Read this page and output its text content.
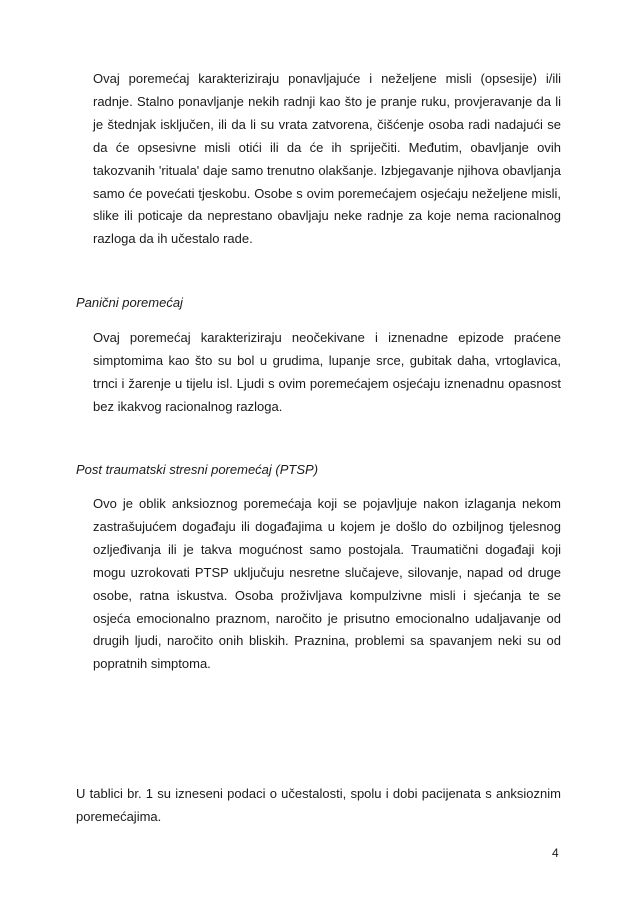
Ovaj poremećaj karakteriziraju ponavljajuće i neželjene misli (opsesije) i/ili radnje. Stalno ponavljanje nekih radnji kao što je pranje ruku, provjeravanje da li je štednjak isključen, ili da li su vrata zatvorena, čišćenje osoba radi nadajući se da će opsesivne misli otići ili da će ih spriječiti. Međutim, obavljanje ovih takozvanih 'rituala' daje samo trenutno olakšanje. Izbjegavanje njihova obavljanja samo će povećati tjeskobu. Osobe s ovim poremećajem osjećaju neželjene misli, slike ili poticaje da neprestano obavljaju neke radnje za koje nema racionalnog razloga da ih učestalo rade.

Panični poremećaj

Ovaj poremećaj karakteriziraju neočekivane i iznenadne epizode praćene simptomima kao što su bol u grudima, lupanje srce, gubitak daha, vrtoglavica, trnci i žarenje u tijelu isl. Ljudi s ovim poremećajem osjećaju iznenadnu opasnost bez ikakvog racionalnog razloga.

Post traumatski stresni poremećaj (PTSP)

Ovo je oblik anksioznog poremećaja koji se pojavljuje nakon izlaganja nekom zastrašujućem događaju ili događajima u kojem je došlo do ozbiljnog tjelesnog ozljeđivanja ili je takva mogućnost samo postojala. Traumatični događaji koji mogu uzrokovati PTSP uključuju nesretne slučajeve, silovanje, napad od druge osobe, ratna iskustva. Osoba proživljava kompulzivne misli i sjećanja te se osjeća emocionalno praznom, naročito je prisutno emocionalno udaljavanje od drugih ljudi, naročito onih bliskih. Praznina, problemi sa spavanjem neki su od popratnih simptoma.

U tablici br. 1 su izneseni podaci o učestalosti, spolu i dobi pacijenata s anksioznim poremećajima.

4
